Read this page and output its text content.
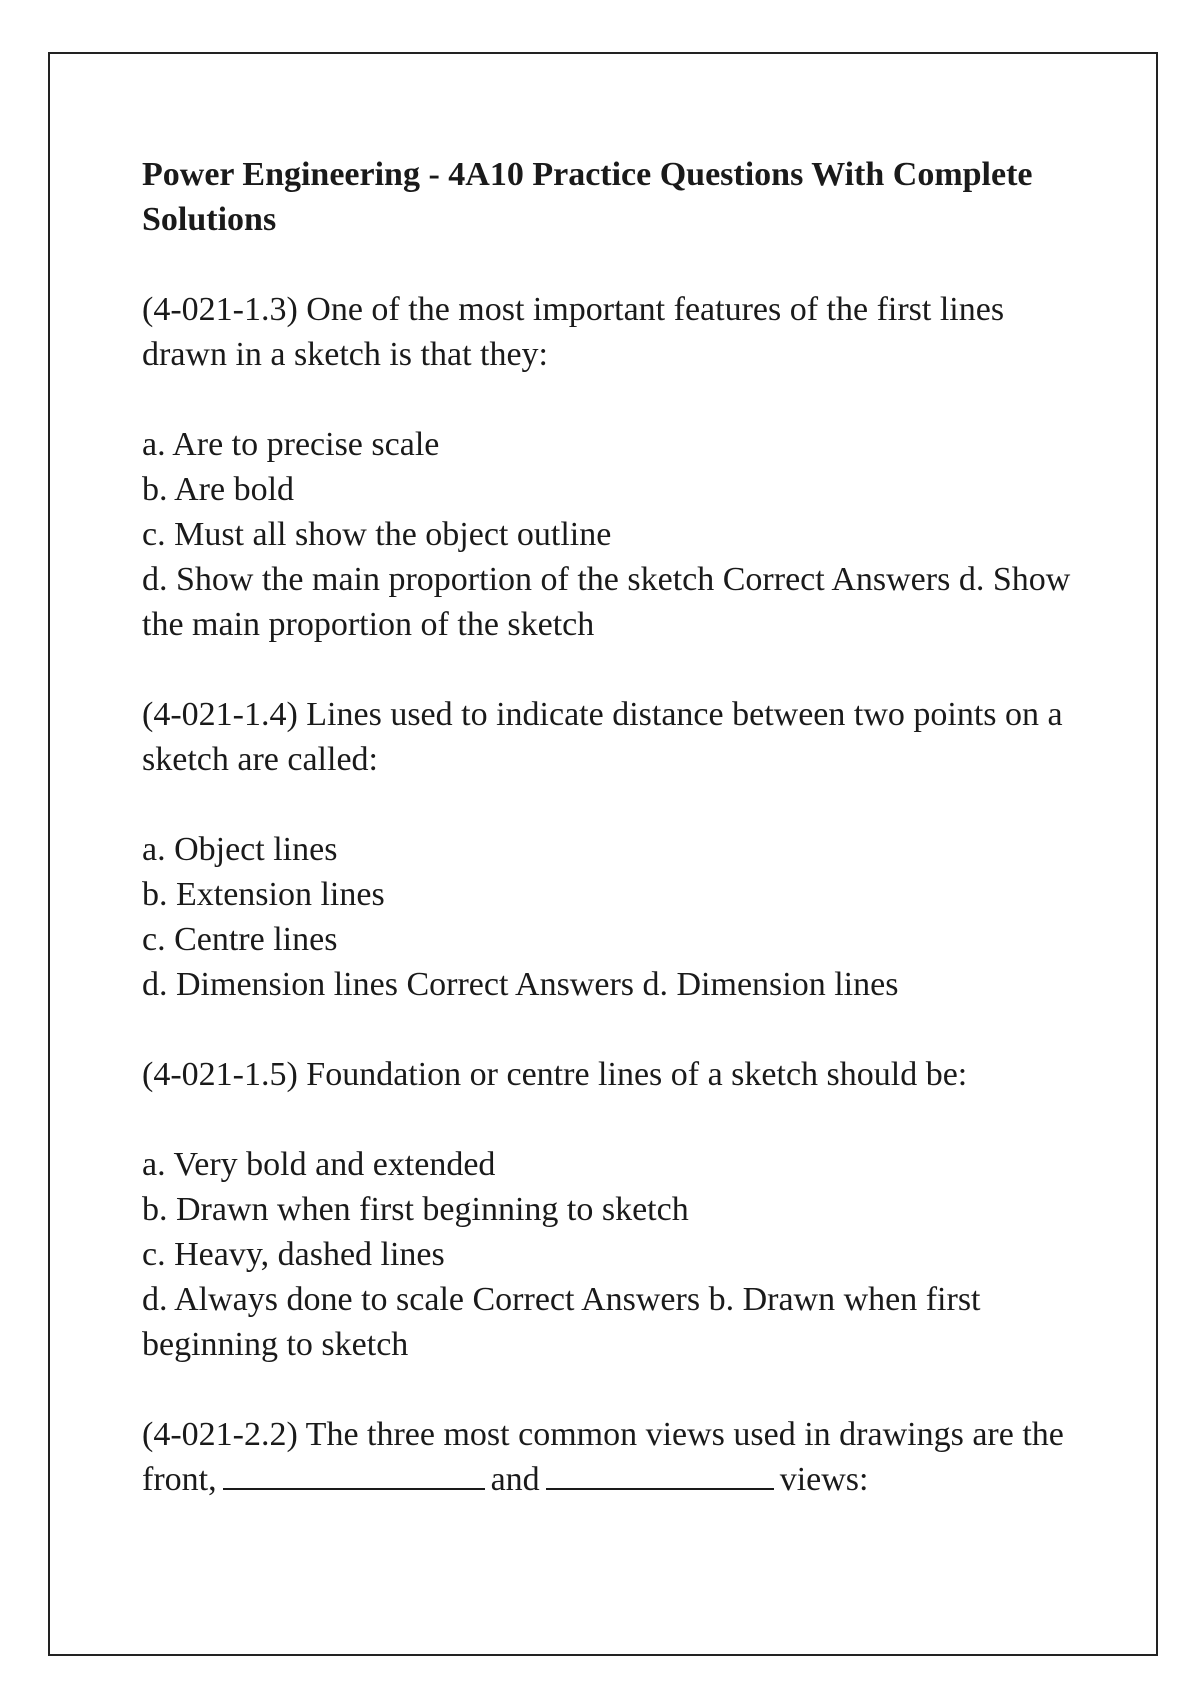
Power Engineering - 4A10 Practice Questions With Complete Solutions
(4-021-1.3) One of the most important features of the first lines drawn in a sketch is that they:
a. Are to precise scale
b. Are bold
c. Must all show the object outline
d. Show the main proportion of the sketch Correct Answers d. Show the main proportion of the sketch
(4-021-1.4) Lines used to indicate distance between two points on a sketch are called:
a. Object lines
b. Extension lines
c. Centre lines
d. Dimension lines Correct Answers d. Dimension lines
(4-021-1.5) Foundation or centre lines of a sketch should be:
a. Very bold and extended
b. Drawn when first beginning to sketch
c. Heavy, dashed lines
d. Always done to scale Correct Answers b. Drawn when first beginning to sketch
(4-021-2.2) The three most common views used in drawings are the front,	and	views:
